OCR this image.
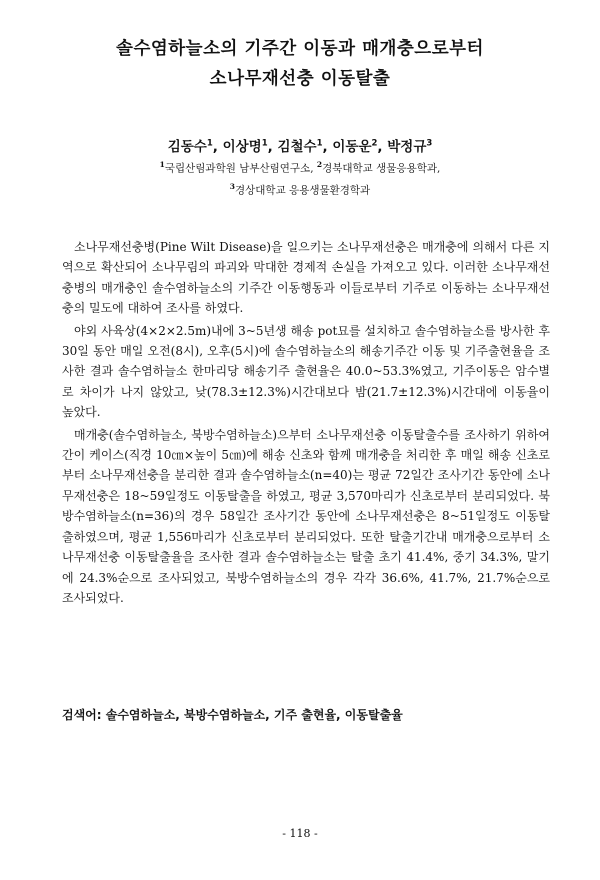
솔수염하늘소의 기주간 이동과 매개충으로부터
소나무재선충 이동탈출
김동수$^1$, 이상명$^1$, 김철수$^1$, 이동운$^2$, 박정규$^3$
$^1$국립산림과학원 남부산림연구소, $^2$경북대학교 생물응용학과,
$^3$경상대학교 응용생물환경학과

소나무재선충병(Pine Wilt Disease)을 일으키는 소나무재선충은 매개충에 의해서 다른 지역으로 확산되어 소나무림의 파괴와 막대한 경제적 손실을 가져오고 있다. 이러한 소나무재선충병의 매개충인 솔수염하늘소의 기주간 이동행동과 이들로부터 기주로 이동하는 소나무재선충의 밀도에 대하여 조사를 하였다.

야외 사육상(4×2×2.5m)내에 3~5년생 해송 pot묘를 설치하고 솔수염하늘소를 방사한 후 30일 동안 매일 오전(8시), 오후(5시)에 솔수염하늘소의 해송기주간 이동 및 기주출현율을 조사한 결과 솔수염하늘소 한마리당 해송기주 출현율은 40.0~53.3%였고, 기주이동은 암수별로 차이가 나지 않았고, 낮(78.3±12.3%)시간대보다 밤(21.7±12.3%)시간대에 이동율이 높았다.

매개충(솔수염하늘소, 북방수염하늘소)으부터 소나무재선충 이동탈출수를 조사하기 위하여 간이 케이스(직경 10㎝×높이 5㎝)에 해송 신초와 함께 매개충을 처리한 후 매일 해송 신초로부터 소나무재선충을 분리한 결과 솔수염하늘소(n=40)는 평균 72일간 조사기간 동안에 소나무재선충은 18~59일정도 이동탈출을 하였고, 평균 3,570마리가 신초로부터 분리되었다. 북방수염하늘소(n=36)의 경우 58일간 조사기간 동안에 소나무재선충은 8~51일정도 이동탈출하였으며, 평균 1,556마리가 신초로부터 분리되었다. 또한 탈출기간내 매개충으로부터 소나무재선충 이동탈출율을 조사한 결과 솔수염하늘소는 탈출 초기 41.4%, 중기 34.3%, 말기에 24.3%순으로 조사되었고, 북방수염하늘소의 경우 각각 36.6%, 41.7%, 21.7%순으로 조사되었다.

검색어: 솔수염하늘소, 북방수염하늘소, 기주 출현율, 이동탈출율
- 118 -
